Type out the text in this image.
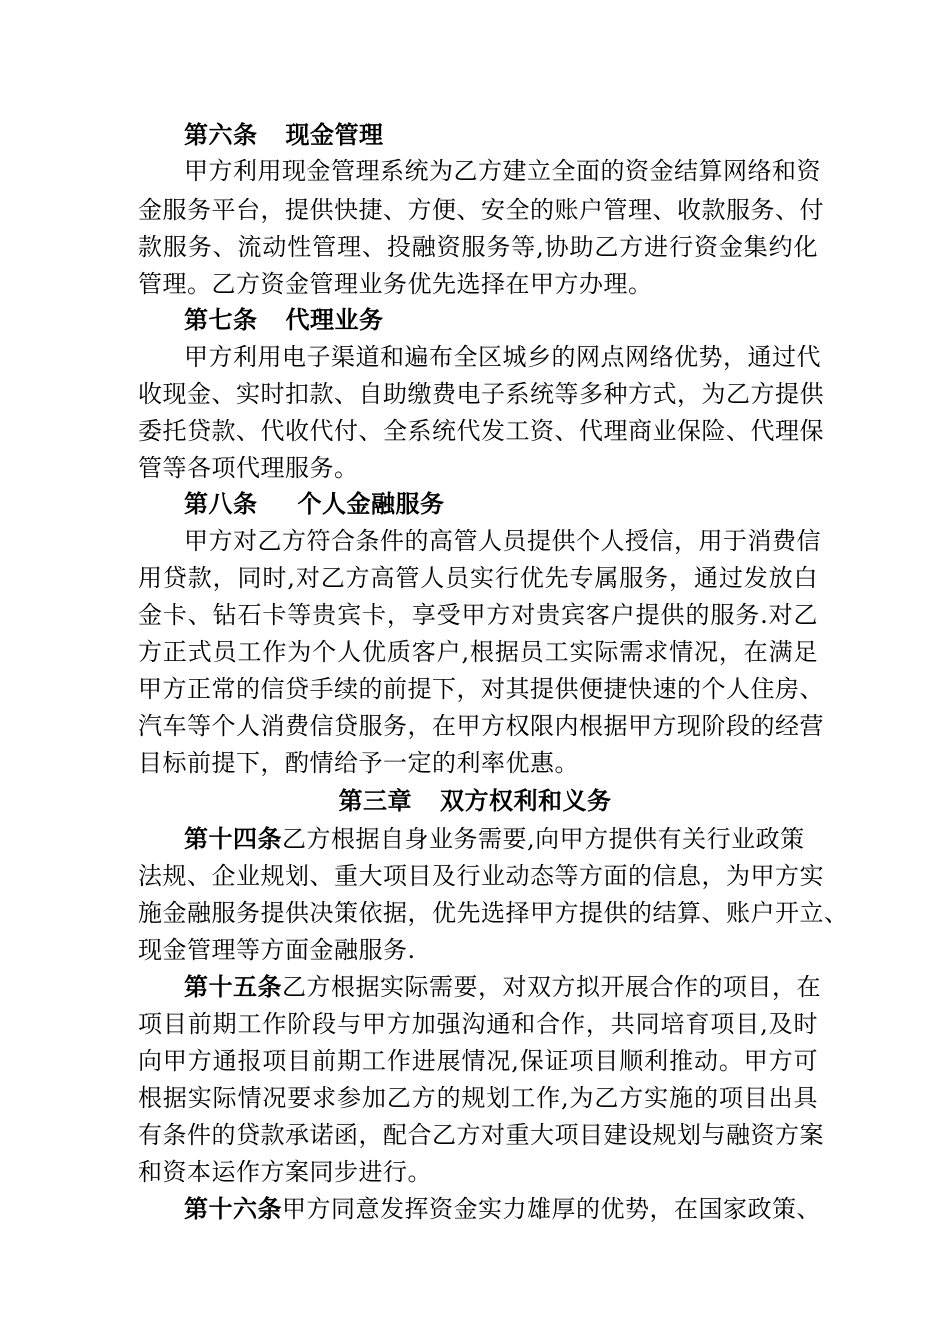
第六条 现金管理
甲方利用现金管理系统为乙方建立全面的资金结算网络和资
金服务平台，提供快捷、方便、安全的账户管理、收款服务、付
款服务、流动性管理、投融资服务等,协助乙方进行资金集约化
管理。乙方资金管理业务优先选择在甲方办理。
第七条 代理业务
甲方利用电子渠道和遍布全区城乡的网点网络优势，通过代
收现金、实时扣款、自助缴费电子系统等多种方式，为乙方提供
委托贷款、代收代付、全系统代发工资、代理商业保险、代理保
管等各项代理服务。
第八条 个人金融服务
甲方对乙方符合条件的高管人员提供个人授信，用于消费信
用贷款，同时,对乙方高管人员实行优先专属服务，通过发放白
金卡、钻石卡等贵宾卡，享受甲方对贵宾客户提供的服务.对乙
方正式员工作为个人优质客户,根据员工实际需求情况，在满足
甲方正常的信贷手续的前提下，对其提供便捷快速的个人住房、
汽车等个人消费信贷服务，在甲方权限内根据甲方现阶段的经营
目标前提下，酌情给予一定的利率优惠。
第三章 双方权利和义务
第十四条乙方根据自身业务需要,向甲方提供有关行业政策
法规、企业规划、重大项目及行业动态等方面的信息，为甲方实
施金融服务提供决策依据，优先选择甲方提供的结算、账户开立、
现金管理等方面金融服务.
第十五条乙方根据实际需要，对双方拟开展合作的项目，在
项目前期工作阶段与甲方加强沟通和合作，共同培育项目,及时
向甲方通报项目前期工作进展情况,保证项目顺利推动。甲方可
根据实际情况要求参加乙方的规划工作,为乙方实施的项目出具
有条件的贷款承诺函，配合乙方对重大项目建设规划与融资方案
和资本运作方案同步进行。
第十六条甲方同意发挥资金实力雄厚的优势，在国家政策、
